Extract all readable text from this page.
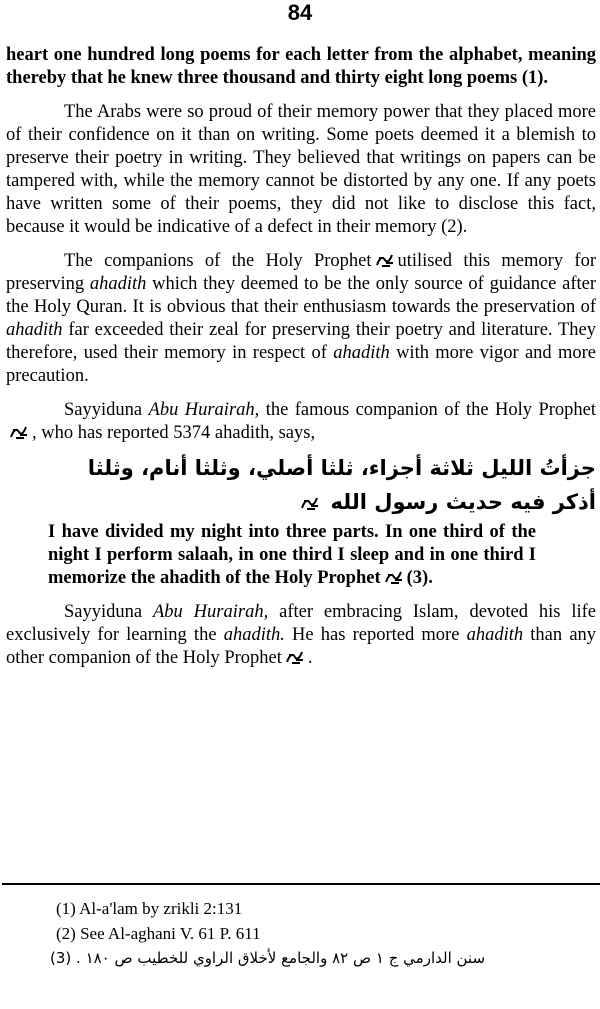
84

heart one hundred long poems for each letter from the alphabet, meaning thereby that he knew three thousand and thirty eight long poems (1).

The Arabs were so proud of their memory power that they placed more of their confidence on it than on writing. Some poets deemed it a blemish to preserve their poetry in writing. They believed that writings on papers can be tampered with, while the memory cannot be distorted by any one. If any poets have written some of their poems, they did not like to disclose this fact, because it would be indicative of a defect in their memory (2).

The companions of the Holy Prophet utilised this memory for preserving ahadith which they deemed to be the only source of guidance after the Holy Quran. It is obvious that their enthusiasm towards the preservation of ahadith far exceeded their zeal for preserving their poetry and literature. They therefore, used their memory in respect of ahadith with more vigor and more precaution.

Sayyiduna Abu Hurairah, the famous companion of the Holy Prophet, who has reported 5374 ahadith, says,

جزأتُ الليل ثلاثة أجزاء، ثلثا أصلي، وثلثا أنام، وثلثا
أذكر فيه حديث رسول الله

I have divided my night into three parts. In one third of the night I perform salaah, in one third I sleep and in one third I memorize the ahadith of the Holy Prophet (3).

Sayyiduna Abu Hurairah, after embracing Islam, devoted his life exclusively for learning the ahadith. He has reported more ahadith than any other companion of the Holy Prophet .

(1) Al-a'lam by zrikli 2:131
(2) See Al-aghani V. 61 P. 611
(3) . سنن الدارمي ج ١ ص ٨٢ والجامع لأخلاق الراوي للخطيب ص ١٨٠
